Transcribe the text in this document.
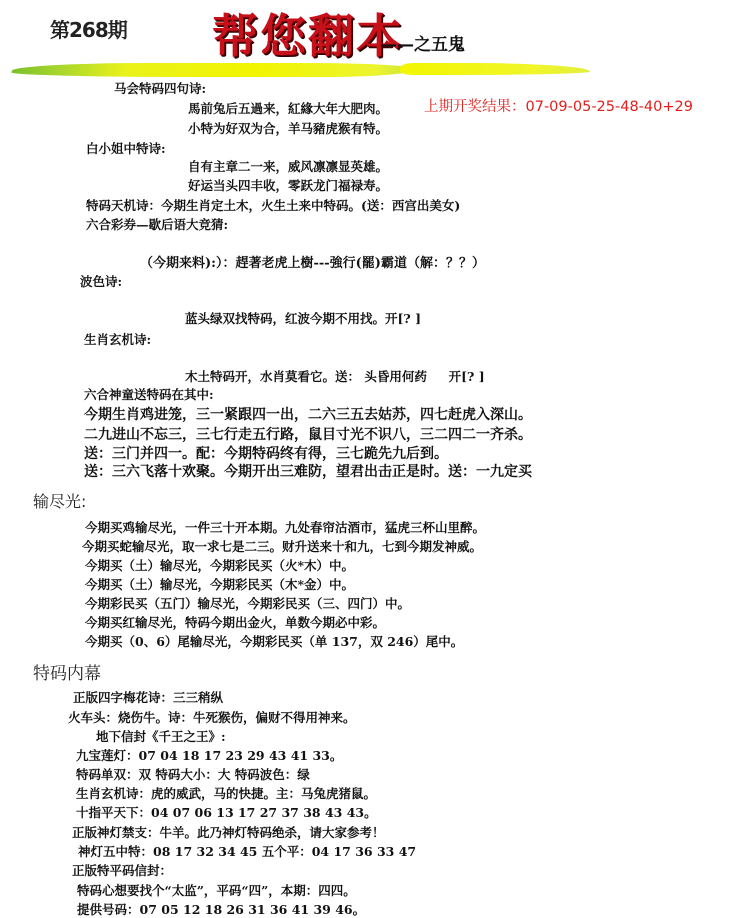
第268期 帮您翻本
——之五鬼
上期开奖结果：07-09-05-25-48-40+29
马会特码四句诗:
馬前兔后五過来，紅緣大年大肥肉。
小特为好双为合，羊马豬虎猴有特。
白小姐中特诗:
自有主章二一来，威风凛凛显英雄。
好运当头四丰收，零跃龙门福禄寿。
特码天机诗：今期生肖定土木，火生土来中特码。(送：西宫出美女)
六合彩券—歇后语大竞猜:
（今期来料):）：趕著老虎上樹---強行(罷)霸道（解：？？）
波色诗:
蓝头绿双找特码，红波今期不用找。开[? ]
生肖玄机诗:
木土特码开，水肖莫看它。送： 头昏用何药     开[? ]
六合神童送特码在其中:
今期生肖鸡进笼，三一紧跟四一出，二六三五去姑苏，四七赶虎入深山。
二九进山不忘三，三七行走五行路，鼠目寸光不识八，三二四二一齐杀。
送：三门并四一。配：今期特码终有得，三七跪先九后到。
送：三六飞落十欢聚。今期开出三难防，望君出击正是时。送：一九定买
输尽光:
今期买鸡输尽光，一件三十开本期。九处春帘沽酒市，猛虎三杯山里醉。
今期买蛇输尽光，取一求七是二三。财升送来十和九，七到今期发神威。
今期买（土）输尽光，今期彩民买（火*木）中。
今期买（土）输尽光，今期彩民买（木*金）中。
今期彩民买（五门）输尽光，今期彩民买（三、四门）中。
今期买红输尽光，特码今期出金火，单数今期必中彩。
今期买（0、6）尾输尽光，今期彩民买（单 137，双 246）尾中。
特码内幕
正版四字梅花诗：三三稍纵
火车头：烧伤牛。诗：牛死猴伤，偏财不得用神来。
地下信封《千王之王》:
九宝莲灯：07 04 18 17 23 29 43 41 33。
特码单双：双 特码大小：大 特码波色：绿
生肖玄机诗：虎的威武，马的快捷。主：马兔虎猪鼠。
十指平天下：04 07 06 13 17 27 37 38 43 43。
正版神灯禁支：牛羊。此乃神灯特码绝杀，请大家参考！
神灯五中特：08 17 32 34 45 五个平：04 17 36 33 47
正版特平码信封：
特码心想要找个“太监”，平码“四”，本期：四四。
提供号码：07 05 12 18 26 31 36 41 39 46。
